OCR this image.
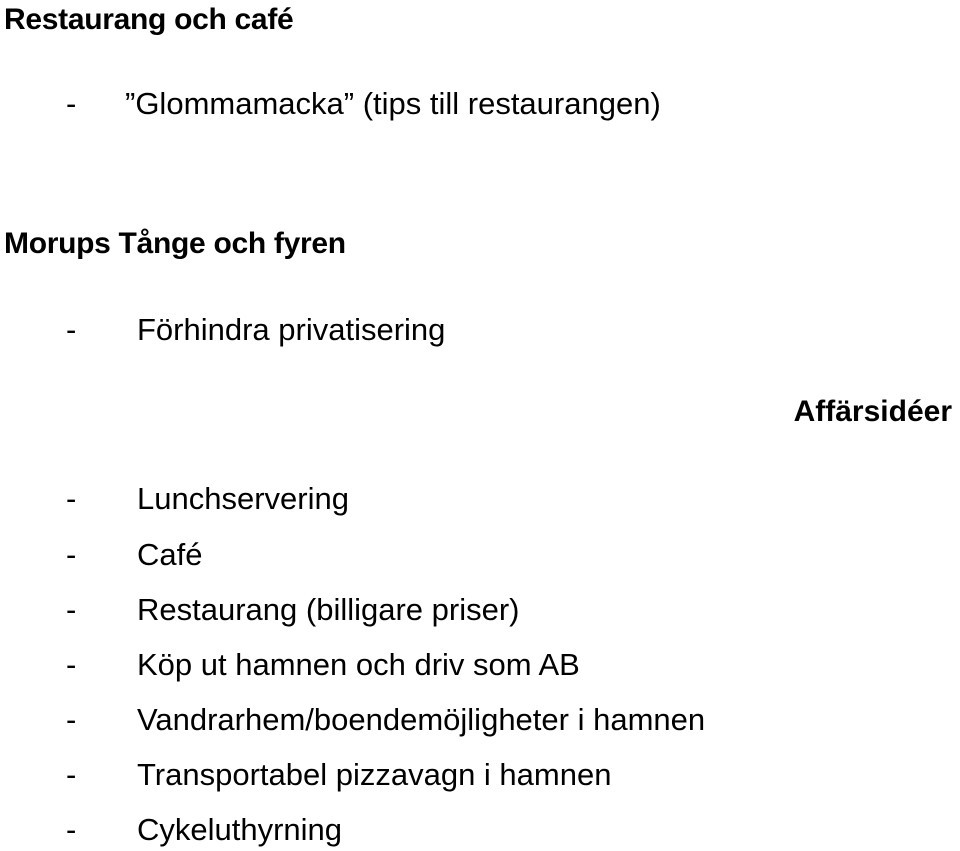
Restaurang och café
- ”Glommamacka” (tips till restaurangen)
Morups Tånge och fyren
- Förhindra privatisering
Affärsidéer
- Lunchservering
- Café
- Restaurang (billigare priser)
- Köp ut hamnen och driv som AB
- Vandrarhem/boendemöjligheter i hamnen
- Transportabel pizzavagn i hamnen
- Cykeluthyrning
